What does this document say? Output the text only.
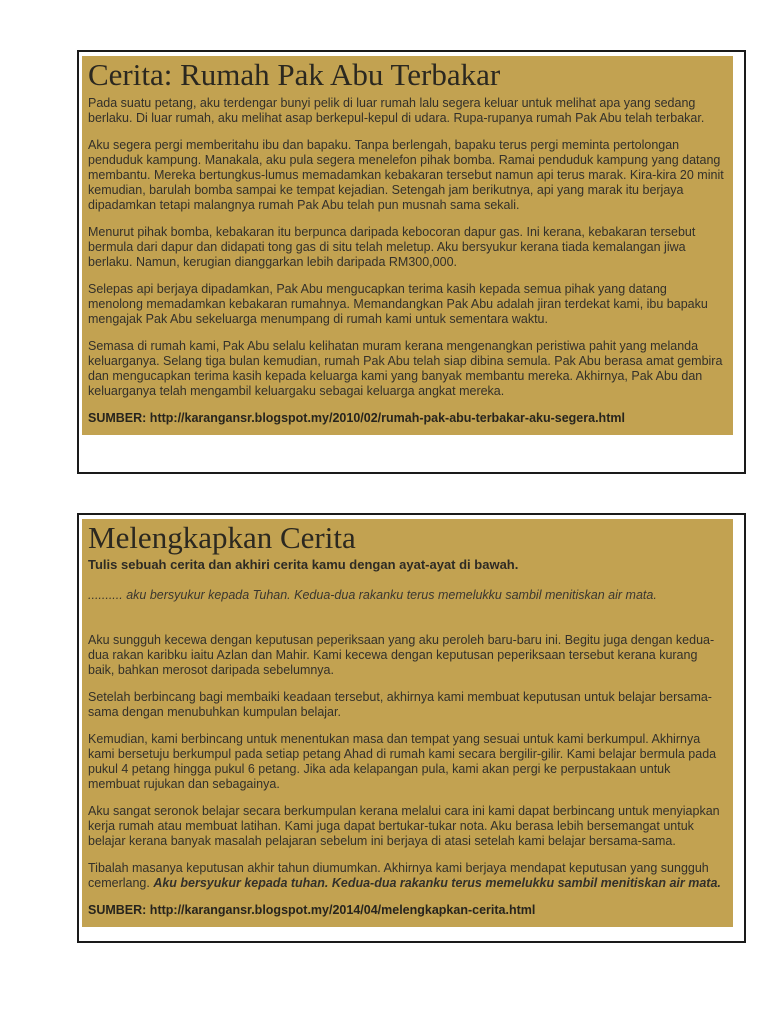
Cerita: Rumah Pak Abu Terbakar

Pada suatu petang, aku terdengar bunyi pelik di luar rumah lalu segera keluar untuk melihat apa yang sedang berlaku. Di luar rumah, aku melihat asap berkepul-kepul di udara. Rupa-rupanya rumah Pak Abu telah terbakar.

Aku segera pergi memberitahu ibu dan bapaku. Tanpa berlengah, bapaku terus pergi meminta pertolongan penduduk kampung. Manakala, aku pula segera menelefon pihak bomba. Ramai penduduk kampung yang datang membantu. Mereka bertungkus-lumus memadamkan kebakaran tersebut namun api terus marak. Kira-kira 20 minit kemudian, barulah bomba sampai ke tempat kejadian. Setengah jam berikutnya, api yang marak itu berjaya dipadamkan tetapi malangnya rumah Pak Abu telah pun musnah sama sekali.

Menurut pihak bomba, kebakaran itu berpunca daripada kebocoran dapur gas. Ini kerana, kebakaran tersebut bermula dari dapur dan didapati tong gas di situ telah meletup. Aku bersyukur kerana tiada kemalangan jiwa berlaku. Namun, kerugian dianggarkan lebih daripada RM300,000.

Selepas api berjaya dipadamkan, Pak Abu mengucapkan terima kasih kepada semua pihak yang datang menolong memadamkan kebakaran rumahnya. Memandangkan Pak Abu adalah jiran terdekat kami, ibu bapaku mengajak Pak Abu sekeluarga menumpang di rumah kami untuk sementara waktu.

Semasa di rumah kami, Pak Abu selalu kelihatan muram kerana mengenangkan peristiwa pahit yang melanda keluarganya. Selang tiga bulan kemudian, rumah Pak Abu telah siap dibina semula. Pak Abu berasa amat gembira dan mengucapkan terima kasih kepada keluarga kami yang banyak membantu mereka. Akhirnya, Pak Abu dan keluarganya telah mengambil keluargaku sebagai keluarga angkat mereka.

SUMBER: http://karangansr.blogspot.my/2010/02/rumah-pak-abu-terbakar-aku-segera.html

Melengkapkan Cerita

Tulis sebuah cerita dan akhiri cerita kamu dengan ayat-ayat di bawah.

.......... aku bersyukur kepada Tuhan. Kedua-dua rakanku terus memelukku sambil menitiskan air mata.

Aku sungguh kecewa dengan keputusan peperiksaan yang aku peroleh baru-baru ini. Begitu juga dengan kedua-dua rakan karibku iaitu Azlan dan Mahir. Kami kecewa dengan keputusan peperiksaan tersebut kerana kurang baik, bahkan merosot daripada sebelumnya.

Setelah berbincang bagi membaiki keadaan tersebut, akhirnya kami membuat keputusan untuk belajar bersama-sama dengan menubuhkan kumpulan belajar.

Kemudian, kami berbincang untuk menentukan masa dan tempat yang sesuai untuk kami berkumpul. Akhirnya kami bersetuju berkumpul pada setiap petang Ahad di rumah kami secara bergilir-gilir. Kami belajar bermula pada pukul 4 petang hingga pukul 6 petang. Jika ada kelapangan pula, kami akan pergi ke perpustakaan untuk membuat rujukan dan sebagainya.

Aku sangat seronok belajar secara berkumpulan kerana melalui cara ini kami dapat berbincang untuk menyiapkan kerja rumah atau membuat latihan. Kami juga dapat bertukar-tukar nota. Aku berasa lebih bersemangat untuk belajar kerana banyak masalah pelajaran sebelum ini berjaya di atasi setelah kami belajar bersama-sama.

Tibalah masanya keputusan akhir tahun diumumkan. Akhirnya kami berjaya mendapat keputusan yang sungguh cemerlang. Aku bersyukur kepada tuhan. Kedua-dua rakanku terus memelukku sambil menitiskan air mata.

SUMBER: http://karangansr.blogspot.my/2014/04/melengkapkan-cerita.html
